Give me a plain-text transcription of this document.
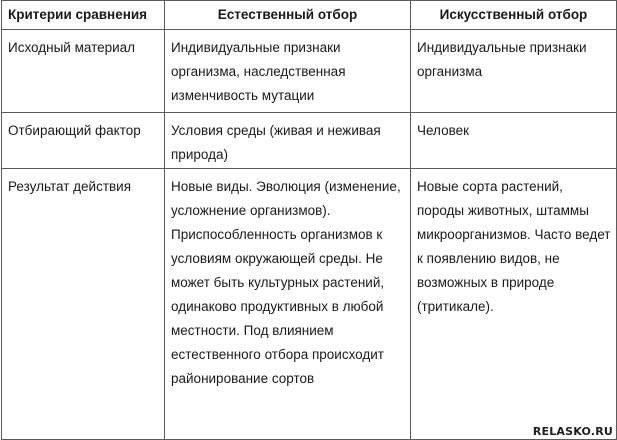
Критерии сравнения	Естественный отбор	Искусственный отбор
Исходный материал	Индивидуальные признаки организма, наследственная изменчивость мутации	Индивидуальные признаки организма
Отбирающий фактор	Условия среды (живая и неживая природа)	Человек
Результат действия	Новые виды. Эволюция (изменение, усложнение организмов). Приспособленность организмов к условиям окружающей среды. Не может быть культурных растений, одинаково продуктивных в любой местности. Под влиянием естественного отбора происходит районирование сортов	Новые сорта растений, породы животных, штаммы микроорганизмов. Часто ведет к появлению видов, не возможных в природе (тритикале).
RELASKO.RU
